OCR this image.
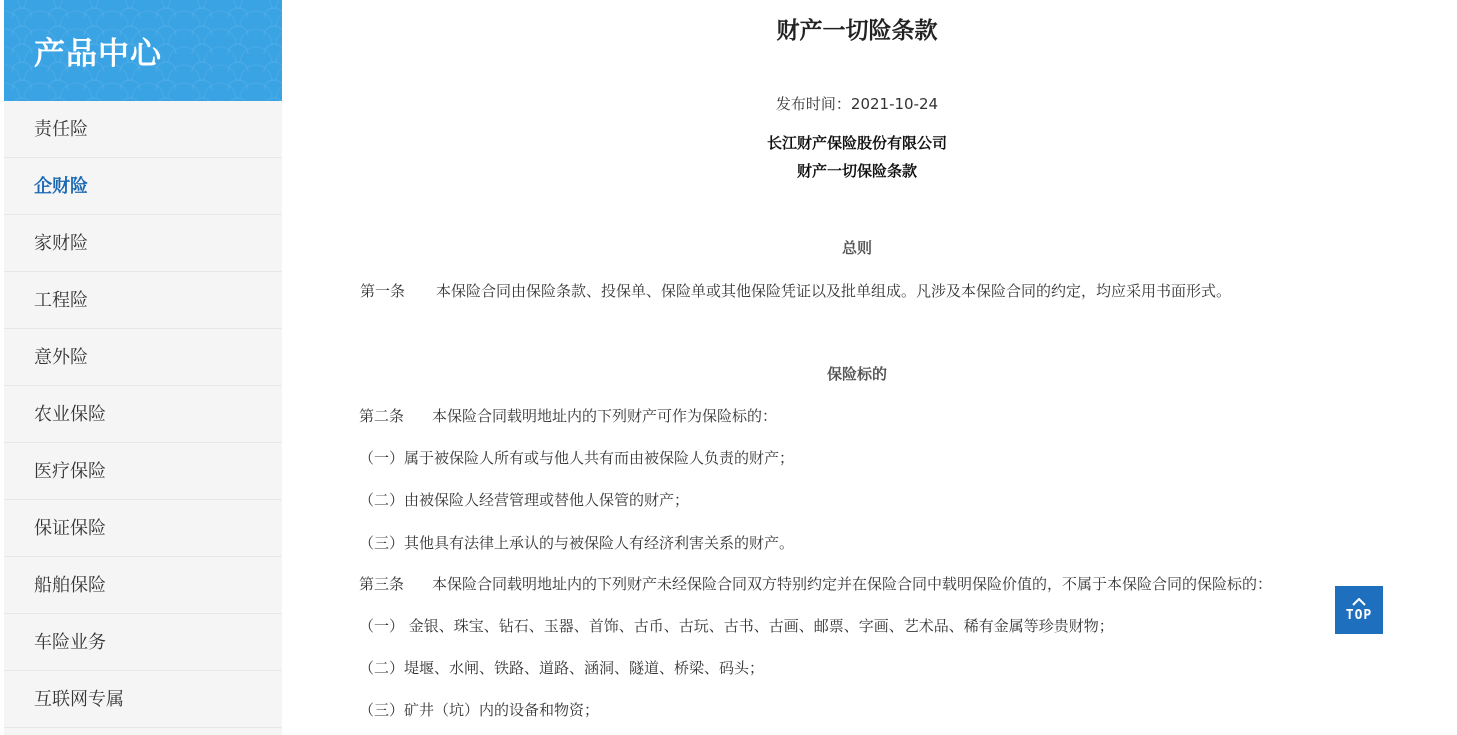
产品中心
责任险
企财险
家财险
工程险
意外险
农业保险
医疗保险
保证保险
船舶保险
车险业务
互联网专属
财产一切险条款
发布时间：2021-10-24
长江财产保险股份有限公司
财产一切保险条款
总则
第一条 本保险合同由保险条款、投保单、保险单或其他保险凭证以及批单组成。凡涉及本保险合同的约定，均应采用书面形式。
保险标的
第二条 本保险合同载明地址内的下列财产可作为保险标的：
（一）属于被保险人所有或与他人共有而由被保险人负责的财产；
（二）由被保险人经营管理或替他人保管的财产；
（三）其他具有法律上承认的与被保险人有经济利害关系的财产。
第三条 本保险合同载明地址内的下列财产未经保险合同双方特别约定并在保险合同中载明保险价值的，不属于本保险合同的保险标的：
（一） 金银、珠宝、钻石、玉器、首饰、古币、古玩、古书、古画、邮票、字画、艺术品、稀有金属等珍贵财物；
（二）堤堰、水闸、铁路、道路、涵洞、隧道、桥梁、码头；
（三）矿井（坑）内的设备和物资；
TOP
